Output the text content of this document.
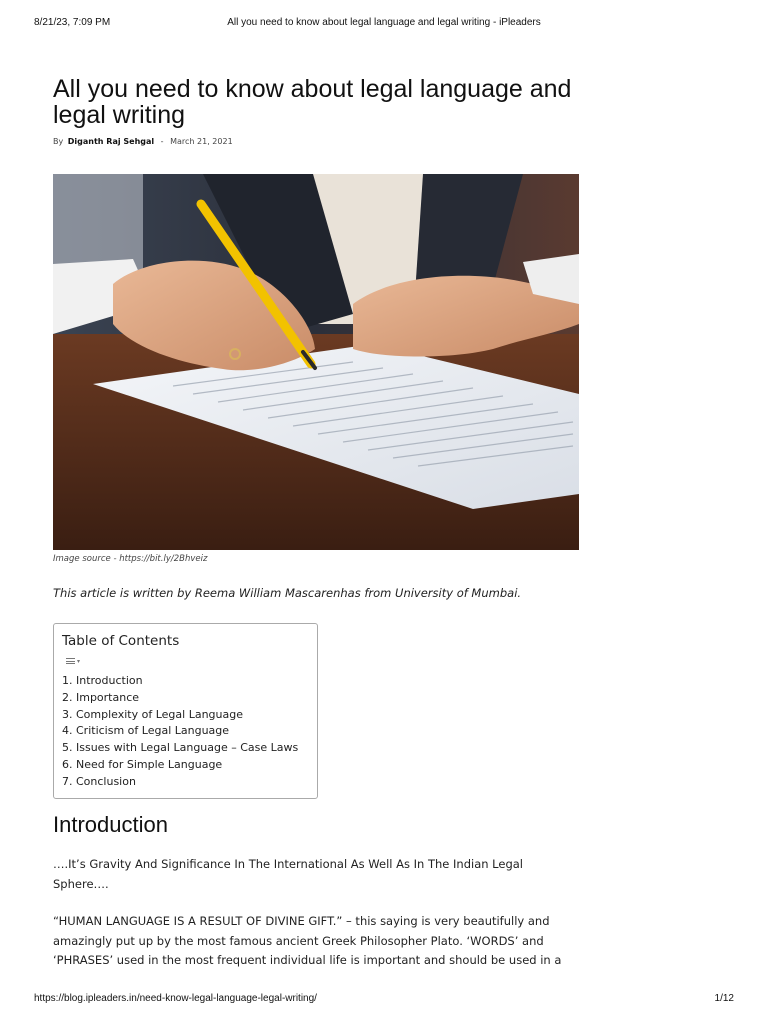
8/21/23, 7:09 PM	All you need to know about legal language and legal writing - iPleaders
All you need to know about legal language and legal writing
By Diganth Raj Sehgal - March 21, 2021
Image source - https://bit.ly/2Bhveiz

This article is written by Reema William Mascarenhas from University of Mumbai.

Table of Contents
▾
1. Introduction
2. Importance
3. Complexity of Legal Language
4. Criticism of Legal Language
5. Issues with Legal Language – Case Laws
6. Need for Simple Language
7. Conclusion
Introduction

….It’s Gravity And Significance In The International As Well As In The Indian Legal Sphere….

“HUMAN LANGUAGE IS A RESULT OF DIVINE GIFT.” – this saying is very beautifully and amazingly put up by the most famous ancient Greek Philosopher Plato. ‘WORDS’ and ‘PHRASES’ used in the most frequent individual life is important and should be used in a

https://blog.ipleaders.in/need-know-legal-language-legal-writing/	1/12
